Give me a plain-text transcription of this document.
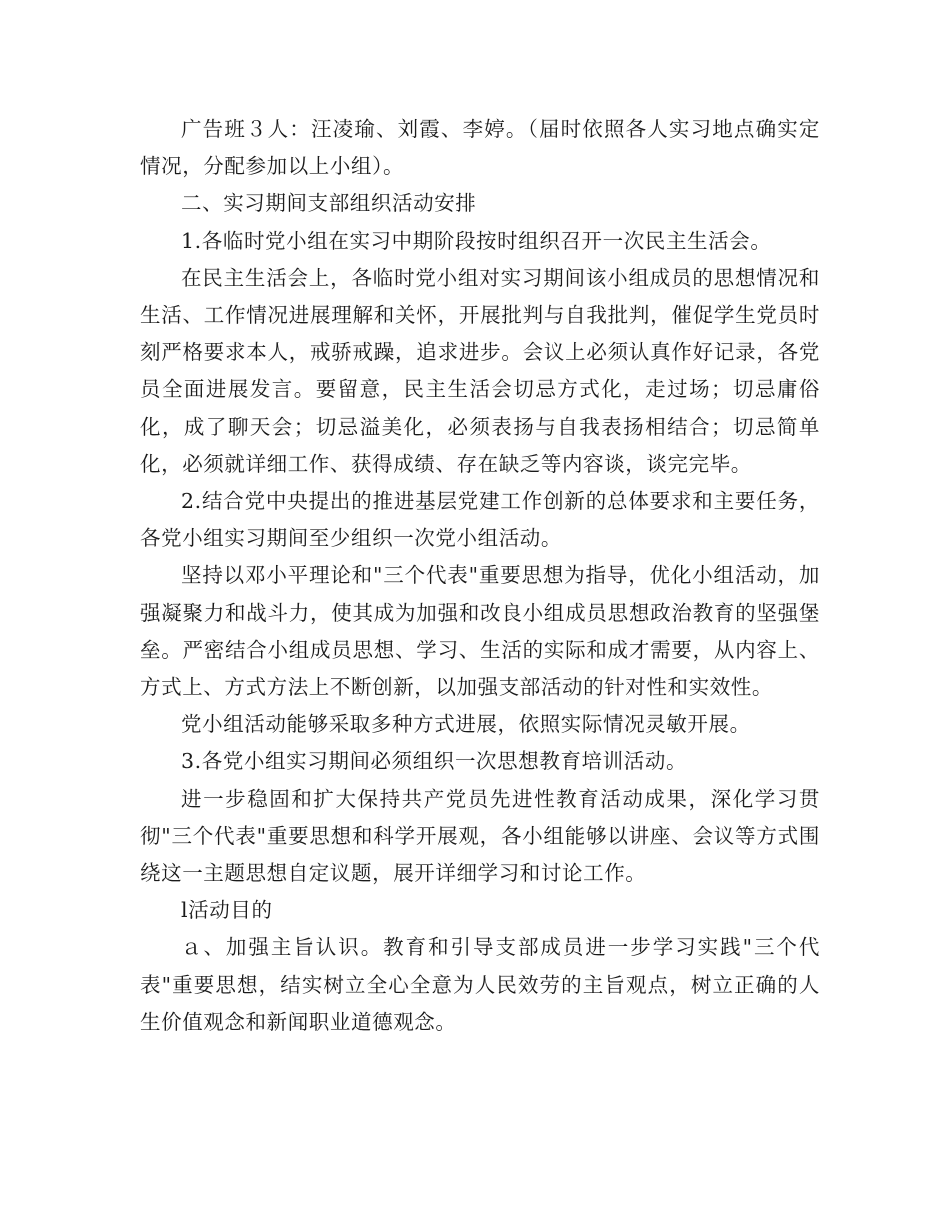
广告班３人：汪凌瑜、刘霞、李婷。（届时依照各人实习地点确实定情况，分配参加以上小组）。

二、实习期间支部组织活动安排

1.各临时党小组在实习中期阶段按时组织召开一次民主生活会。

在民主生活会上，各临时党小组对实习期间该小组成员的思想情况和生活、工作情况进展理解和关怀，开展批判与自我批判，催促学生党员时刻严格要求本人，戒骄戒躁，追求进步。会议上必须认真作好记录，各党员全面进展发言。要留意，民主生活会切忌方式化，走过场；切忌庸俗化，成了聊天会；切忌溢美化，必须表扬与自我表扬相结合；切忌简单化，必须就详细工作、获得成绩、存在缺乏等内容谈，谈完完毕。

2.结合党中央提出的推进基层党建工作创新的总体要求和主要任务，各党小组实习期间至少组织一次党小组活动。

坚持以邓小平理论和"三个代表"重要思想为指导，优化小组活动，加强凝聚力和战斗力，使其成为加强和改良小组成员思想政治教育的坚强堡垒。严密结合小组成员思想、学习、生活的实际和成才需要，从内容上、方式上、方式方法上不断创新，以加强支部活动的针对性和实效性。

党小组活动能够采取多种方式进展，依照实际情况灵敏开展。

3.各党小组实习期间必须组织一次思想教育培训活动。

进一步稳固和扩大保持共产党员先进性教育活动成果，深化学习贯彻"三个代表"重要思想和科学开展观，各小组能够以讲座、会议等方式围绕这一主题思想自定议题，展开详细学习和讨论工作。

l活动目的

ａ、加强主旨认识。教育和引导支部成员进一步学习实践"三个代表"重要思想，结实树立全心全意为人民效劳的主旨观点，树立正确的人生价值观念和新闻职业道德观念。
